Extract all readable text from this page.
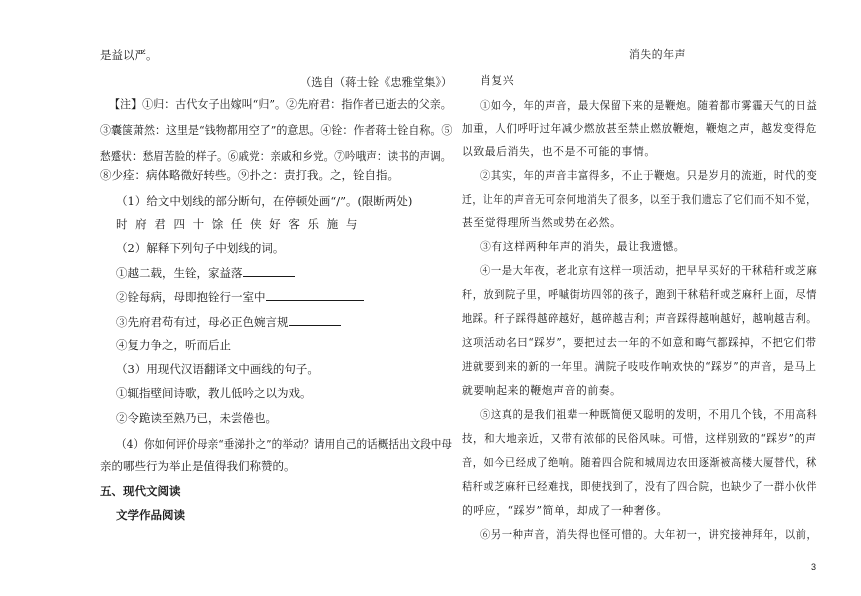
是益以严。
（选自（蒋士铨《忠雅堂集》）
【注】①归：古代女子出嫁叫“归”。②先府君：指作者已逝去的父亲。
③囊箧萧然：这里是“钱物都用空了”的意思。④铨：作者蒋士铨自称。⑤
愁蹙状：愁眉苦脸的样子。⑥戚党：亲戚和乡党。⑦吟哦声：读书的声调。
⑧少痊：病体略微好转些。⑨扑之：责打我。之，铨自指。
（1）给文中划线的部分断句，在停顿处画“/”。(限断两处)
时 府 君 四 十 馀 任 侠 好 客 乐 施 与
（2）解释下列句子中划线的词。
①越二载，生铨，家益落
②铨每病，母即抱铨行一室中
③先府君苟有过，母必正色婉言规
④复力争之，听而后止
（3）用现代汉语翻译文中画线的句子。
①辄指壁间诗歌，教儿低吟之以为戏。
②令跪读至熟乃已，未尝倦也。
（4）你如何评价母亲“垂涕扑之”的举动？请用自己的话概括出文段中母
亲的哪些行为举止是值得我们称赞的。
五、现代文阅读
文学作品阅读
消失的年声
肖复兴
①如今，年的声音，最大保留下来的是鞭炮。随着都市雾霾天气的日益
加重，人们呼吁过年减少燃放甚至禁止燃放鞭炮，鞭炮之声，越发变得危
以致最后消失，也不是不可能的事情。
②其实，年的声音丰富得多，不止于鞭炮。只是岁月的流逝，时代的变
迁，让年的声音无可奈何地消失了很多，以至于我们遗忘了它们而不知不觉，
甚至觉得理所当然或势在必然。
③有这样两种年声的消失，最让我遗憾。
④一是大年夜，老北京有这样一项活动，把早早买好的干秫秸秆或芝麻
秆，放到院子里，呼嘁街坊四邻的孩子，跑到干秫秸秆或芝麻秆上面，尽情
地踩。秆子踩得越碎越好，越碎越吉利；声音踩得越响越好，越响越吉利。
这项活动名曰“踩岁”，要把过去一年的不如意和晦气都踩掉，不把它们带
进就要到来的新的一年里。满院子吱吱作响欢快的“踩岁”的声音，是马上
就要响起来的鞭炮声音的前奏。
⑤这真的是我们祖辈一种既简便又聪明的发明，不用几个钱，不用高科
技，和大地亲近，又带有浓郁的民俗风味。可惜，这样别致的“踩岁”的声
音，如今已经成了绝响。随着四合院和城周边农田逐渐被高楼大厦替代，秫
秸秆或芝麻秆已经难找，即使找到了，没有了四合院，也缺少了一群小伙伴
的呼应，“踩岁”简单，却成了一种奢侈。
⑥另一种声音，消失得也怪可惜的。大年初一，讲究接神拜年，以前，
3
